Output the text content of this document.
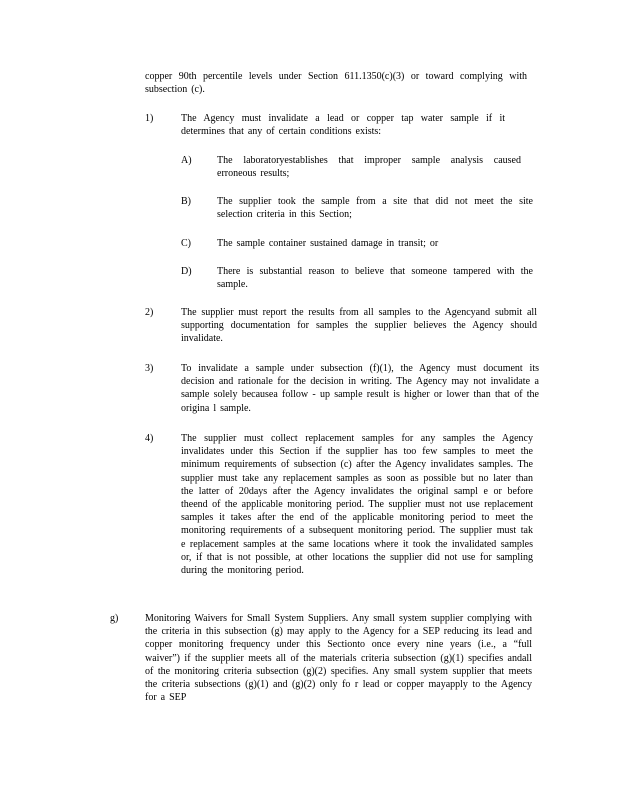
copper 90th percentile levels under Section 611.1350(c)(3) or toward complying with subsection (c).
1)	The Agency must invalidate a lead or copper tap water sample if it determines that any of certain conditions exists:
A)	The laboratoryestablishes that improper sample analysis caused erroneous results;
B)	The supplier took the sample from a site that did not meet the site selection criteria in this Section;
C)	The sample container sustained damage in transit; or
D)	There is substantial reason to believe that someone tampered with the sample.
2)	The supplier must report the results from all samples to the Agencyand submit all supporting documentation for samples the supplier believes the Agency should invalidate.
3)	To invalidate a sample under subsection (f)(1), the Agency must document its decision and rationale for the decision in writing. The Agency may not invalidate a sample solely becausea follow - up sample result is higher or lower than that of the origina l sample.
4)	The supplier must collect replacement samples for any samples the Agency invalidates under this Section if the supplier has too few samples to meet the minimum requirements of subsection (c) after the Agency invalidates samples. The supplier must take any replacement samples as soon as possible but no later than the latter of 20days after the Agency invalidates the original sampl e or before theend of the applicable monitoring period. The supplier must not use replacement samples it takes after the end of the applicable monitoring period to meet the monitoring requirements of a subsequent monitoring period. The supplier must tak e replacement samples at the same locations where it took the invalidated samples or, if that is not possible, at other locations the supplier did not use for sampling during the monitoring period.
g)	Monitoring Waivers for Small System Suppliers. Any small system supplier complying with the criteria in this subsection (g) may apply to the Agency for a SEP reducing its lead and copper monitoring frequency under this Sectionto once every nine years (i.e., a “full waiver”) if the supplier meets all of the materials criteria subsection (g)(1) specifies andall of the monitoring criteria subsection (g)(2) specifies. Any small system supplier that meets the criteria subsections (g)(1) and (g)(2) only fo r lead or copper mayapply to the Agency for a SEP
